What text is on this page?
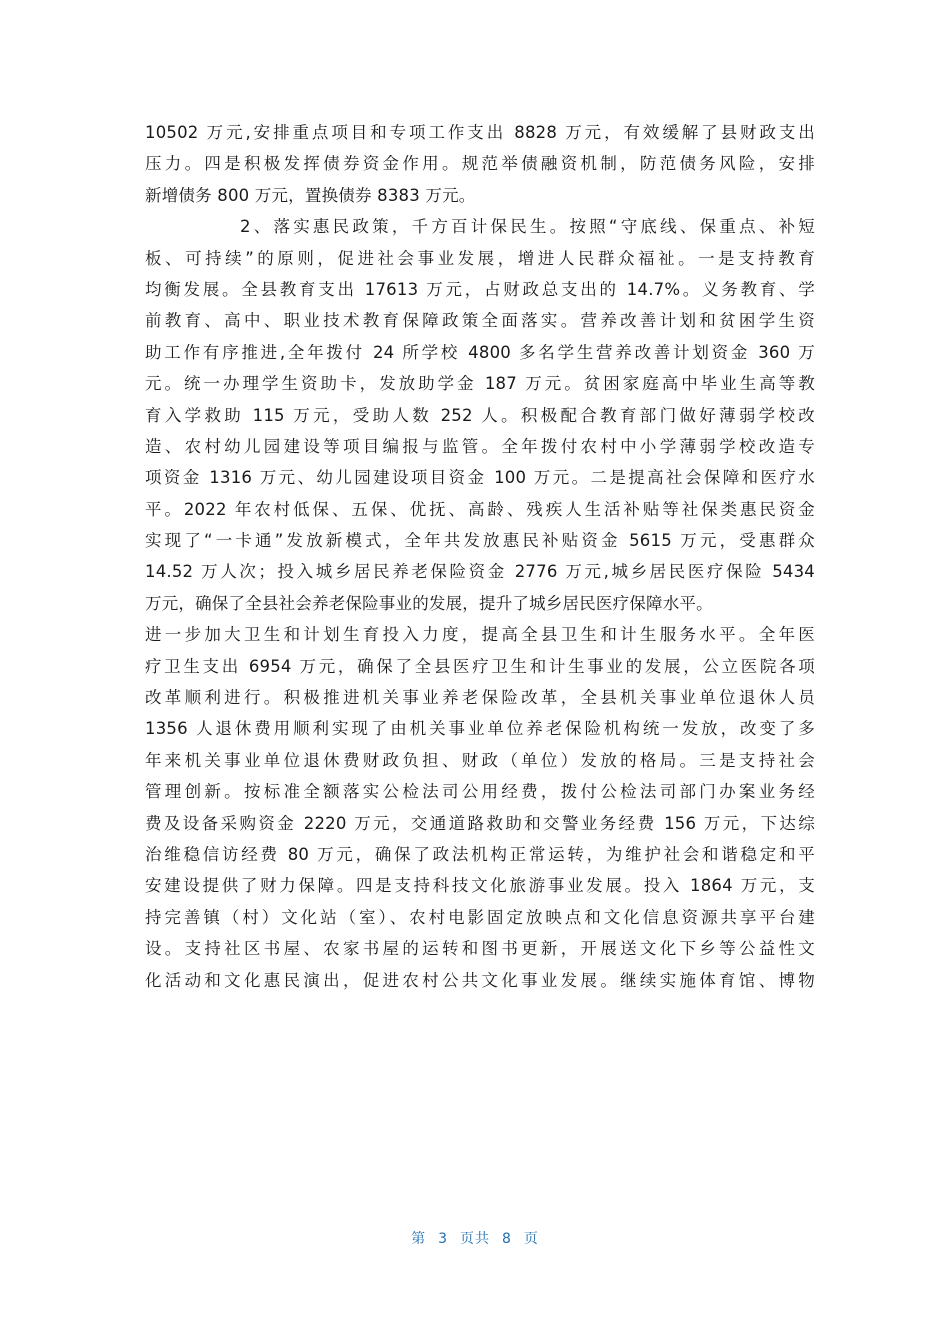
10502 万元,安排重点项目和专项工作支出 8828 万元，有效缓解了县财政支出
压力。四是积极发挥债券资金作用。规范举债融资机制，防范债务风险，安排
新增债务 800 万元，置换债券 8383 万元。
2、落实惠民政策，千方百计保民生。按照“守底线、保重点、补短
板、可持续”的原则，促进社会事业发展，增进人民群众福祉。一是支持教育
均衡发展。全县教育支出 17613 万元，占财政总支出的 14.7%。义务教育、学
前教育、高中、职业技术教育保障政策全面落实。营养改善计划和贫困学生资
助工作有序推进,全年拨付 24 所学校 4800 多名学生营养改善计划资金 360 万
元。统一办理学生资助卡，发放助学金 187 万元。贫困家庭高中毕业生高等教
育入学救助 115 万元，受助人数 252 人。积极配合教育部门做好薄弱学校改
造、农村幼儿园建设等项目编报与监管。全年拨付农村中小学薄弱学校改造专
项资金 1316 万元、幼儿园建设项目资金 100 万元。二是提高社会保障和医疗水
平。2022 年农村低保、五保、优抚、高龄、残疾人生活补贴等社保类惠民资金
实现了“一卡通”发放新模式，全年共发放惠民补贴资金 5615 万元，受惠群众
14.52 万人次；投入城乡居民养老保险资金 2776 万元,城乡居民医疗保险 5434
万元，确保了全县社会养老保险事业的发展，提升了城乡居民医疗保障水平。
进一步加大卫生和计划生育投入力度，提高全县卫生和计生服务水平。全年医
疗卫生支出 6954 万元，确保了全县医疗卫生和计生事业的发展，公立医院各项
改革顺利进行。积极推进机关事业养老保险改革，全县机关事业单位退休人员
1356 人退休费用顺利实现了由机关事业单位养老保险机构统一发放，改变了多
年来机关事业单位退休费财政负担、财政（单位）发放的格局。三是支持社会
管理创新。按标准全额落实公检法司公用经费，拨付公检法司部门办案业务经
费及设备采购资金 2220 万元，交通道路救助和交警业务经费 156 万元，下达综
治维稳信访经费 80 万元，确保了政法机构正常运转，为维护社会和谐稳定和平
安建设提供了财力保障。四是支持科技文化旅游事业发展。投入 1864 万元，支
持完善镇（村）文化站（室）、农村电影固定放映点和文化信息资源共享平台建
设。支持社区书屋、农家书屋的运转和图书更新，开展送文化下乡等公益性文
化活动和文化惠民演出，促进农村公共文化事业发展。继续实施体育馆、博物
第 3 页共 8 页
